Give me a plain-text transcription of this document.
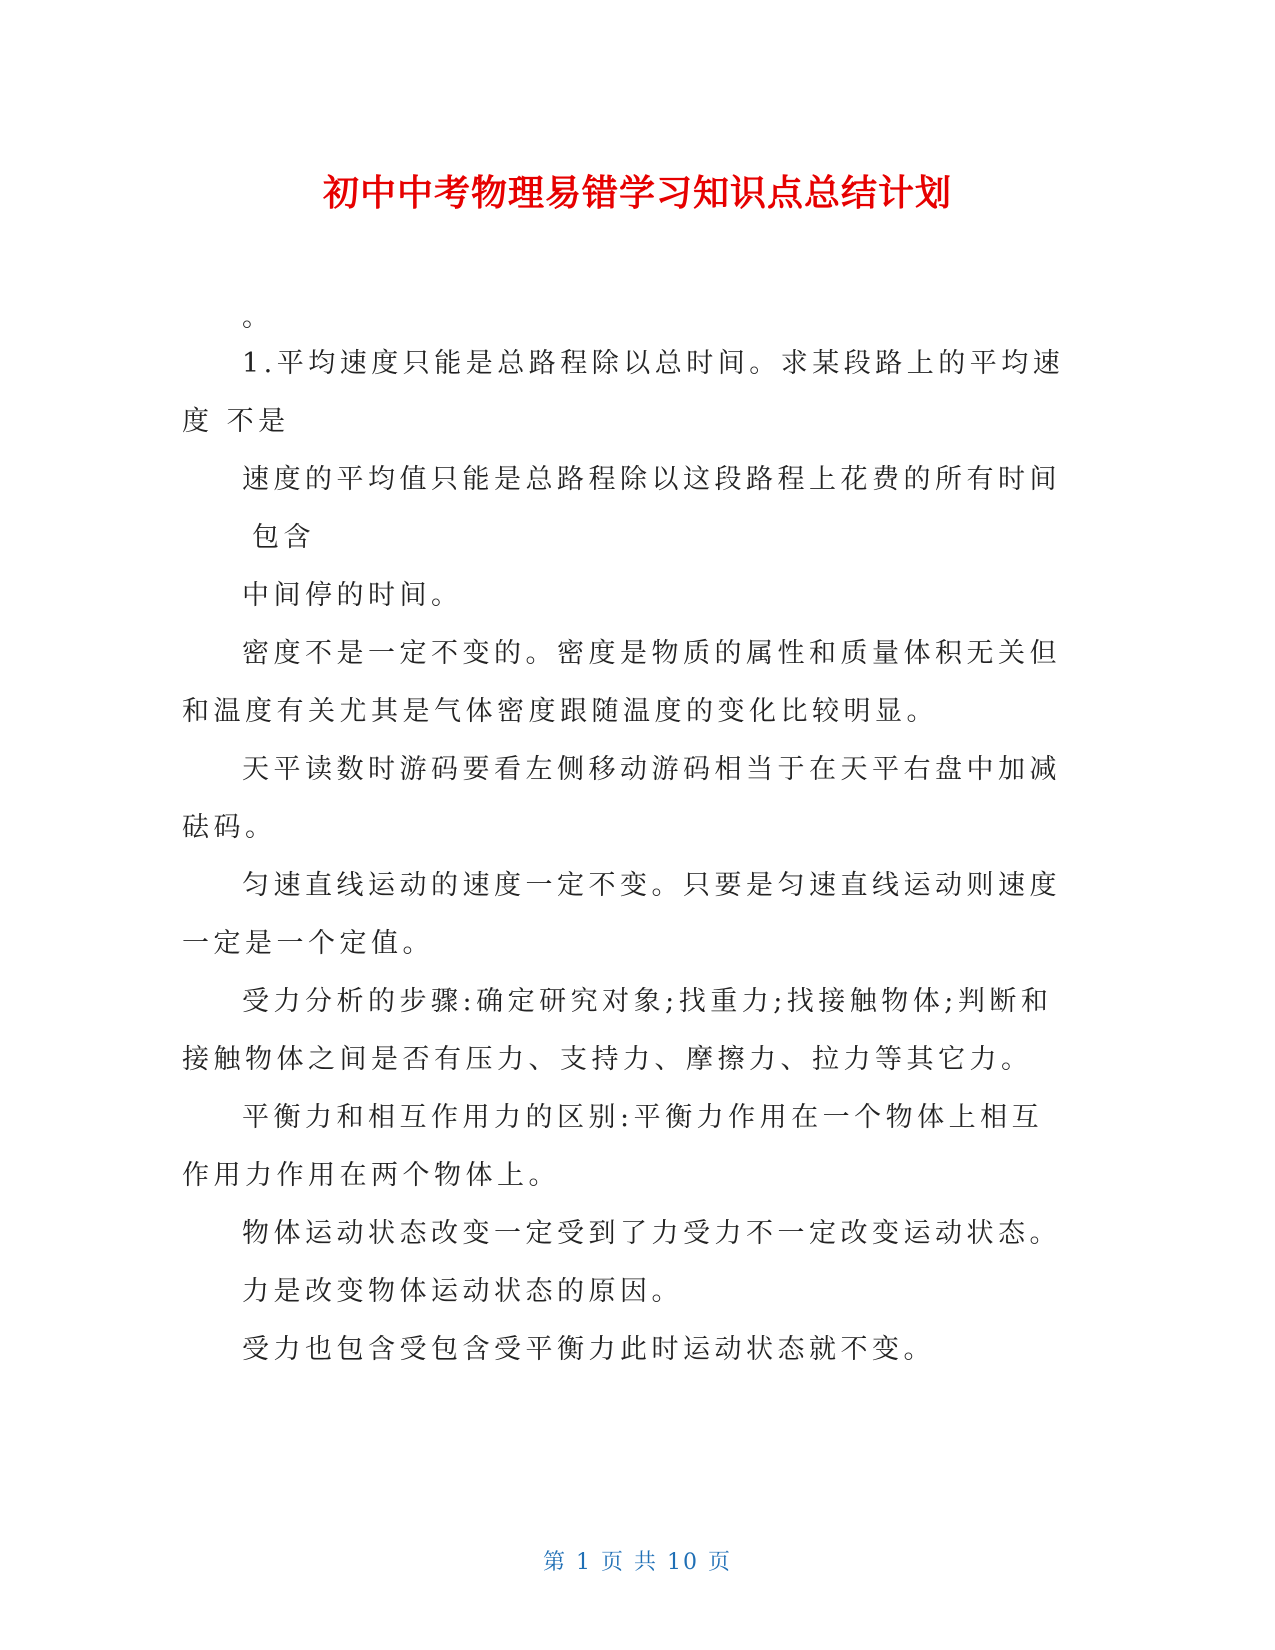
初中中考物理易错学习知识点总结计划
。
1.平均速度只能是总路程除以总时间。求某段路上的平均速
度 不是
速度的平均值只能是总路程除以这段路程上花费的所有时间
包含
中间停的时间。
密度不是一定不变的。密度是物质的属性和质量体积无关但
和温度有关尤其是气体密度跟随温度的变化比较明显。
天平读数时游码要看左侧移动游码相当于在天平右盘中加减
砝码。
匀速直线运动的速度一定不变。只要是匀速直线运动则速度
一定是一个定值。
受力分析的步骤:确定研究对象;找重力;找接触物体;判断和
接触物体之间是否有压力、支持力、摩擦力、拉力等其它力。
平衡力和相互作用力的区别:平衡力作用在一个物体上相互
作用力作用在两个物体上。
物体运动状态改变一定受到了力受力不一定改变运动状态。
力是改变物体运动状态的原因。
受力也包含受包含受平衡力此时运动状态就不变。
第 1 页 共 10 页
